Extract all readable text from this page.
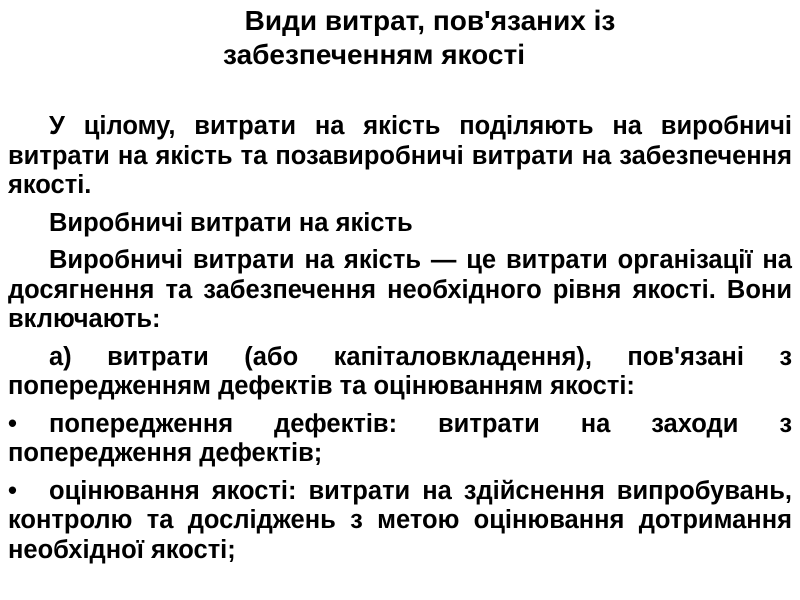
Види витрат, пов'язаних із
забезпеченням якості

У цілому, витрати на якість поділяють на виробничі витрати на якість та позавиробничі витрати на забезпечення якості.

Виробничі витрати на якість

Виробничі витрати на якість — це витрати організації на досягнення та забезпечення необхідного рівня якості. Вони включають:

а) витрати (або капіталовкладення), пов'язані з попередженням дефектів та оцінюванням якості:

• попередження дефектів: витрати на заходи з попередження дефектів;

• оцінювання якості: витрати на здійснення випробувань, контролю та досліджень з метою оцінювання дотримання необхідної якості;
